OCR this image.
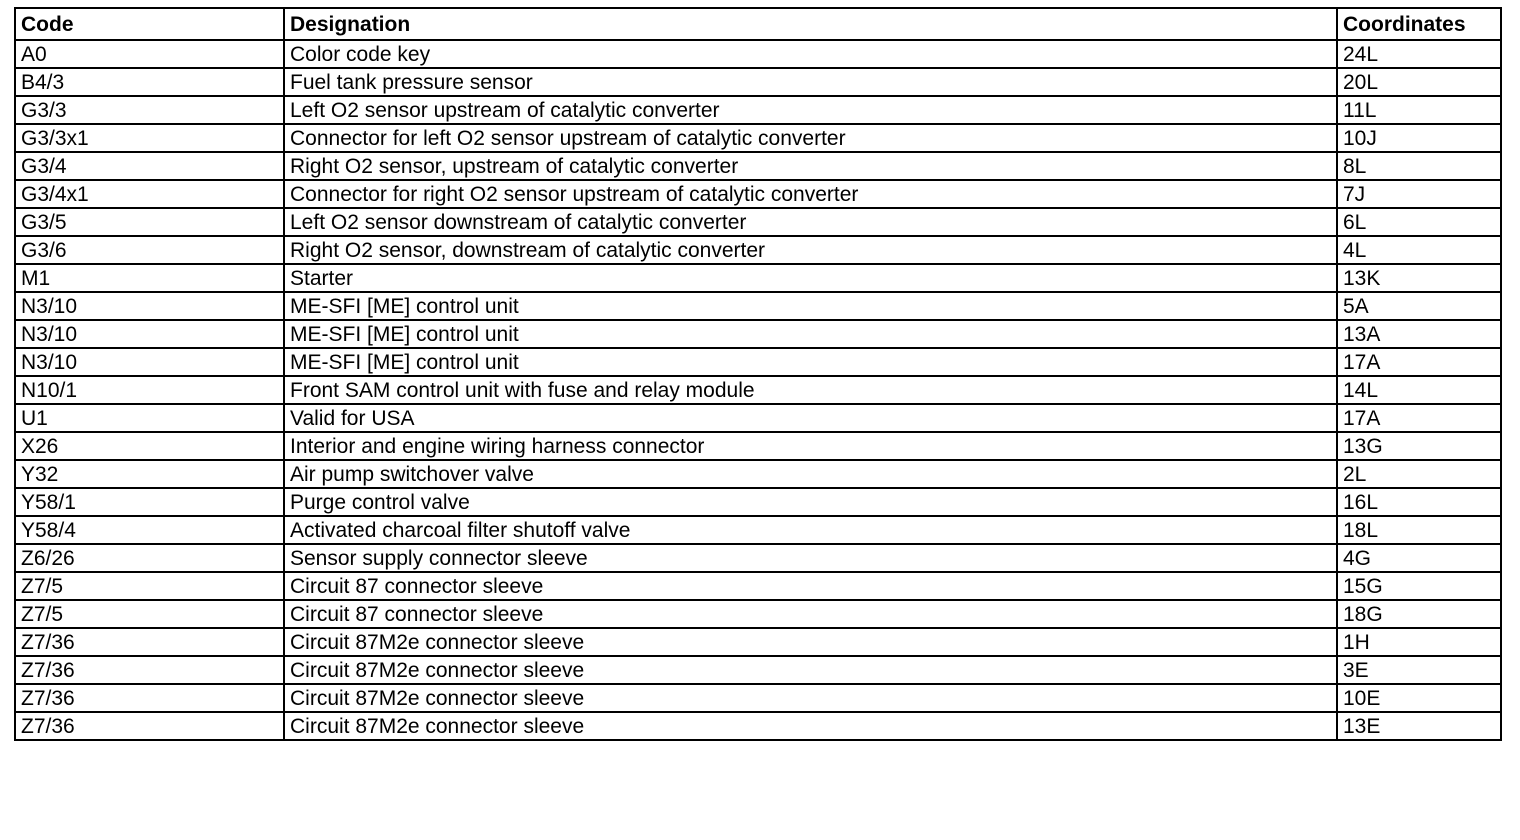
Code	Designation	Coordinates
A0	Color code key	24L
B4/3	Fuel tank pressure sensor	20L
G3/3	Left O2 sensor upstream of catalytic converter	11L
G3/3x1	Connector for left O2 sensor upstream of catalytic converter	10J
G3/4	Right O2 sensor, upstream of catalytic converter	8L
G3/4x1	Connector for right O2 sensor upstream of catalytic converter	7J
G3/5	Left O2 sensor downstream of catalytic converter	6L
G3/6	Right O2 sensor, downstream of catalytic converter	4L
M1	Starter	13K
N3/10	ME-SFI [ME] control unit	5A
N3/10	ME-SFI [ME] control unit	13A
N3/10	ME-SFI [ME] control unit	17A
N10/1	Front SAM control unit with fuse and relay module	14L
U1	Valid for USA	17A
X26	Interior and engine wiring harness connector	13G
Y32	Air pump switchover valve	2L
Y58/1	Purge control valve	16L
Y58/4	Activated charcoal filter shutoff valve	18L
Z6/26	Sensor supply connector sleeve	4G
Z7/5	Circuit 87 connector sleeve	15G
Z7/5	Circuit 87 connector sleeve	18G
Z7/36	Circuit 87M2e connector sleeve	1H
Z7/36	Circuit 87M2e connector sleeve	3E
Z7/36	Circuit 87M2e connector sleeve	10E
Z7/36	Circuit 87M2e connector sleeve	13E
